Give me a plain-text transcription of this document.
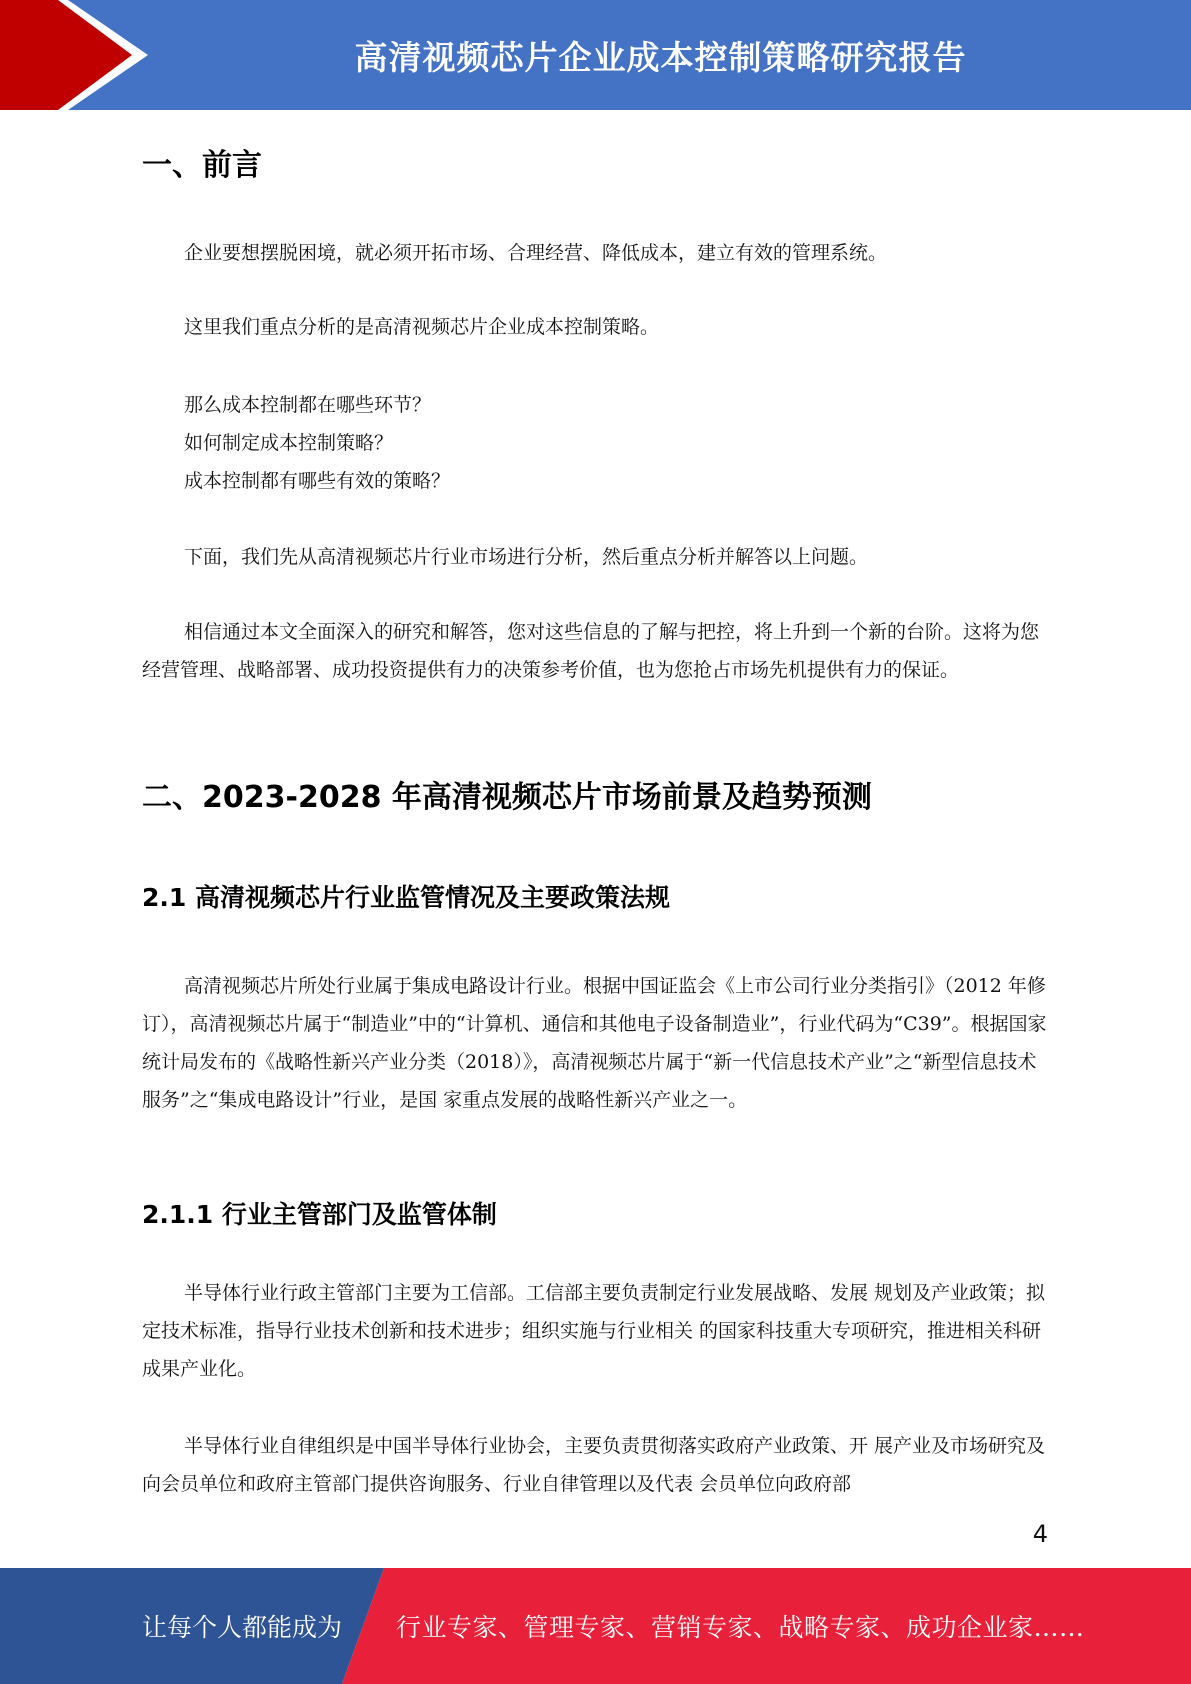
高清视频芯片企业成本控制策略研究报告
一、前言

企业要想摆脱困境，就必须开拓市场、合理经营、降低成本，建立有效的管理系统。

这里我们重点分析的是高清视频芯片企业成本控制策略。

那么成本控制都在哪些环节？
如何制定成本控制策略？
成本控制都有哪些有效的策略？

下面，我们先从高清视频芯片行业市场进行分析，然后重点分析并解答以上问题。

相信通过本文全面深入的研究和解答，您对这些信息的了解与把控，将上升到一个新的台阶。这将为您经营管理、战略部署、成功投资提供有力的决策参考价值，也为您抢占市场先机提供有力的保证。

二、2023-2028 年高清视频芯片市场前景及趋势预测
2.1 高清视频芯片行业监管情况及主要政策法规

高清视频芯片所处行业属于集成电路设计行业。根据中国证监会《上市公司行业分类指引》（2012 年修订），高清视频芯片属于“制造业”中的“计算机、通信和其他电子设备制造业”，行业代码为“C39”。根据国家统计局发布的《战略性新兴产业分类（2018）》，高清视频芯片属于“新一代信息技术产业”之“新型信息技术服务”之“集成电路设计”行业，是国 家重点发展的战略性新兴产业之一。

2.1.1 行业主管部门及监管体制

半导体行业行政主管部门主要为工信部。工信部主要负责制定行业发展战略、发展 规划及产业政策；拟定技术标准，指导行业技术创新和技术进步；组织实施与行业相关 的国家科技重大专项研究，推进相关科研成果产业化。

半导体行业自律组织是中国半导体行业协会，主要负责贯彻落实政府产业政策、开 展产业及市场研究及向会员单位和政府主管部门提供咨询服务、行业自律管理以及代表 会员单位向政府部

4
让每个人都能成为 行业专家、管理专家、营销专家、战略专家、成功企业家……
